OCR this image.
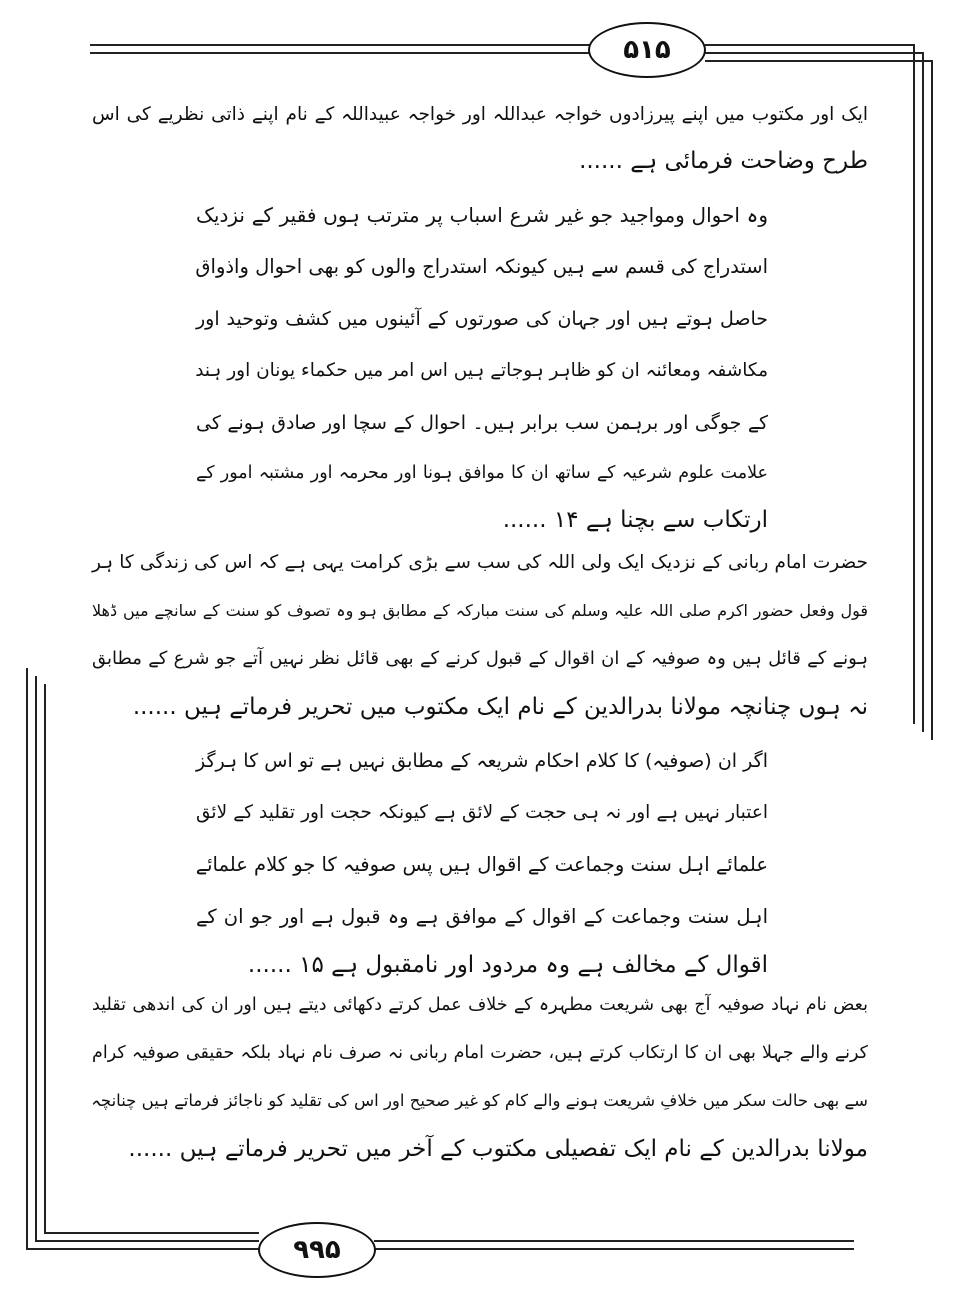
۵۱۵
۹۹۵
ایک اور مکتوب میں اپنے پیرزادوں خواجہ عبداللہ اور خواجہ عبیداللہ کے نام اپنے ذاتی نظریے کی اس
طرح وضاحت فرمائی ہے ......
وہ احوال ومواجید جو غیر شرع اسباب پر مترتب ہوں فقیر کے نزدیک
استدراج کی قسم سے ہیں کیونکہ استدراج والوں کو بھی احوال واذواق
حاصل ہوتے ہیں اور جہان کی صورتوں کے آئینوں میں کشف وتوحید اور
مکاشفہ ومعائنہ ان کو ظاہر ہوجاتے ہیں اس امر میں حکماء یونان اور ہند
کے جوگی اور برہمن سب برابر ہیں۔ احوال کے سچا اور صادق ہونے کی
علامت علوم شرعیہ کے ساتھ ان کا موافق ہونا اور محرمہ اور مشتبہ امور کے
ارتکاب سے بچنا ہے ۱۴ ......
حضرت امام ربانی کے نزدیک ایک ولی اللہ کی سب سے بڑی کرامت یہی ہے کہ اس کی زندگی کا ہر
قول وفعل حضور اکرم صلی اللہ علیہ وسلم کی سنت مبارکہ کے مطابق ہو وہ تصوف کو سنت کے سانچے میں ڈھلا
ہونے کے قائل ہیں وہ صوفیہ کے ان اقوال کے قبول کرنے کے بھی قائل نظر نہیں آتے جو شرع کے مطابق
نہ ہوں چنانچہ مولانا بدرالدین کے نام ایک مکتوب میں تحریر فرماتے ہیں ......
اگر ان (صوفیہ) کا کلام احکام شریعہ کے مطابق نہیں ہے تو اس کا ہرگز
اعتبار نہیں ہے اور نہ ہی حجت کے لائق ہے کیونکہ حجت اور تقلید کے لائق
علمائے اہل سنت وجماعت کے اقوال ہیں پس صوفیہ کا جو کلام علمائے
اہل سنت وجماعت کے اقوال کے موافق ہے وہ قبول ہے اور جو ان کے
اقوال کے مخالف ہے وہ مردود اور نامقبول ہے ۱۵ ......
بعض نام نہاد صوفیہ آج بھی شریعت مطہرہ کے خلاف عمل کرتے دکھائی دیتے ہیں اور ان کی اندھی تقلید
کرنے والے جہلا بھی ان کا ارتکاب کرتے ہیں، حضرت امام ربانی نہ صرف نام نہاد بلکہ حقیقی صوفیہ کرام
سے بھی حالت سکر میں خلافِ شریعت ہونے والے کام کو غیر صحیح اور اس کی تقلید کو ناجائز فرماتے ہیں چنانچہ
مولانا بدرالدین کے نام ایک تفصیلی مکتوب کے آخر میں تحریر فرماتے ہیں ......
